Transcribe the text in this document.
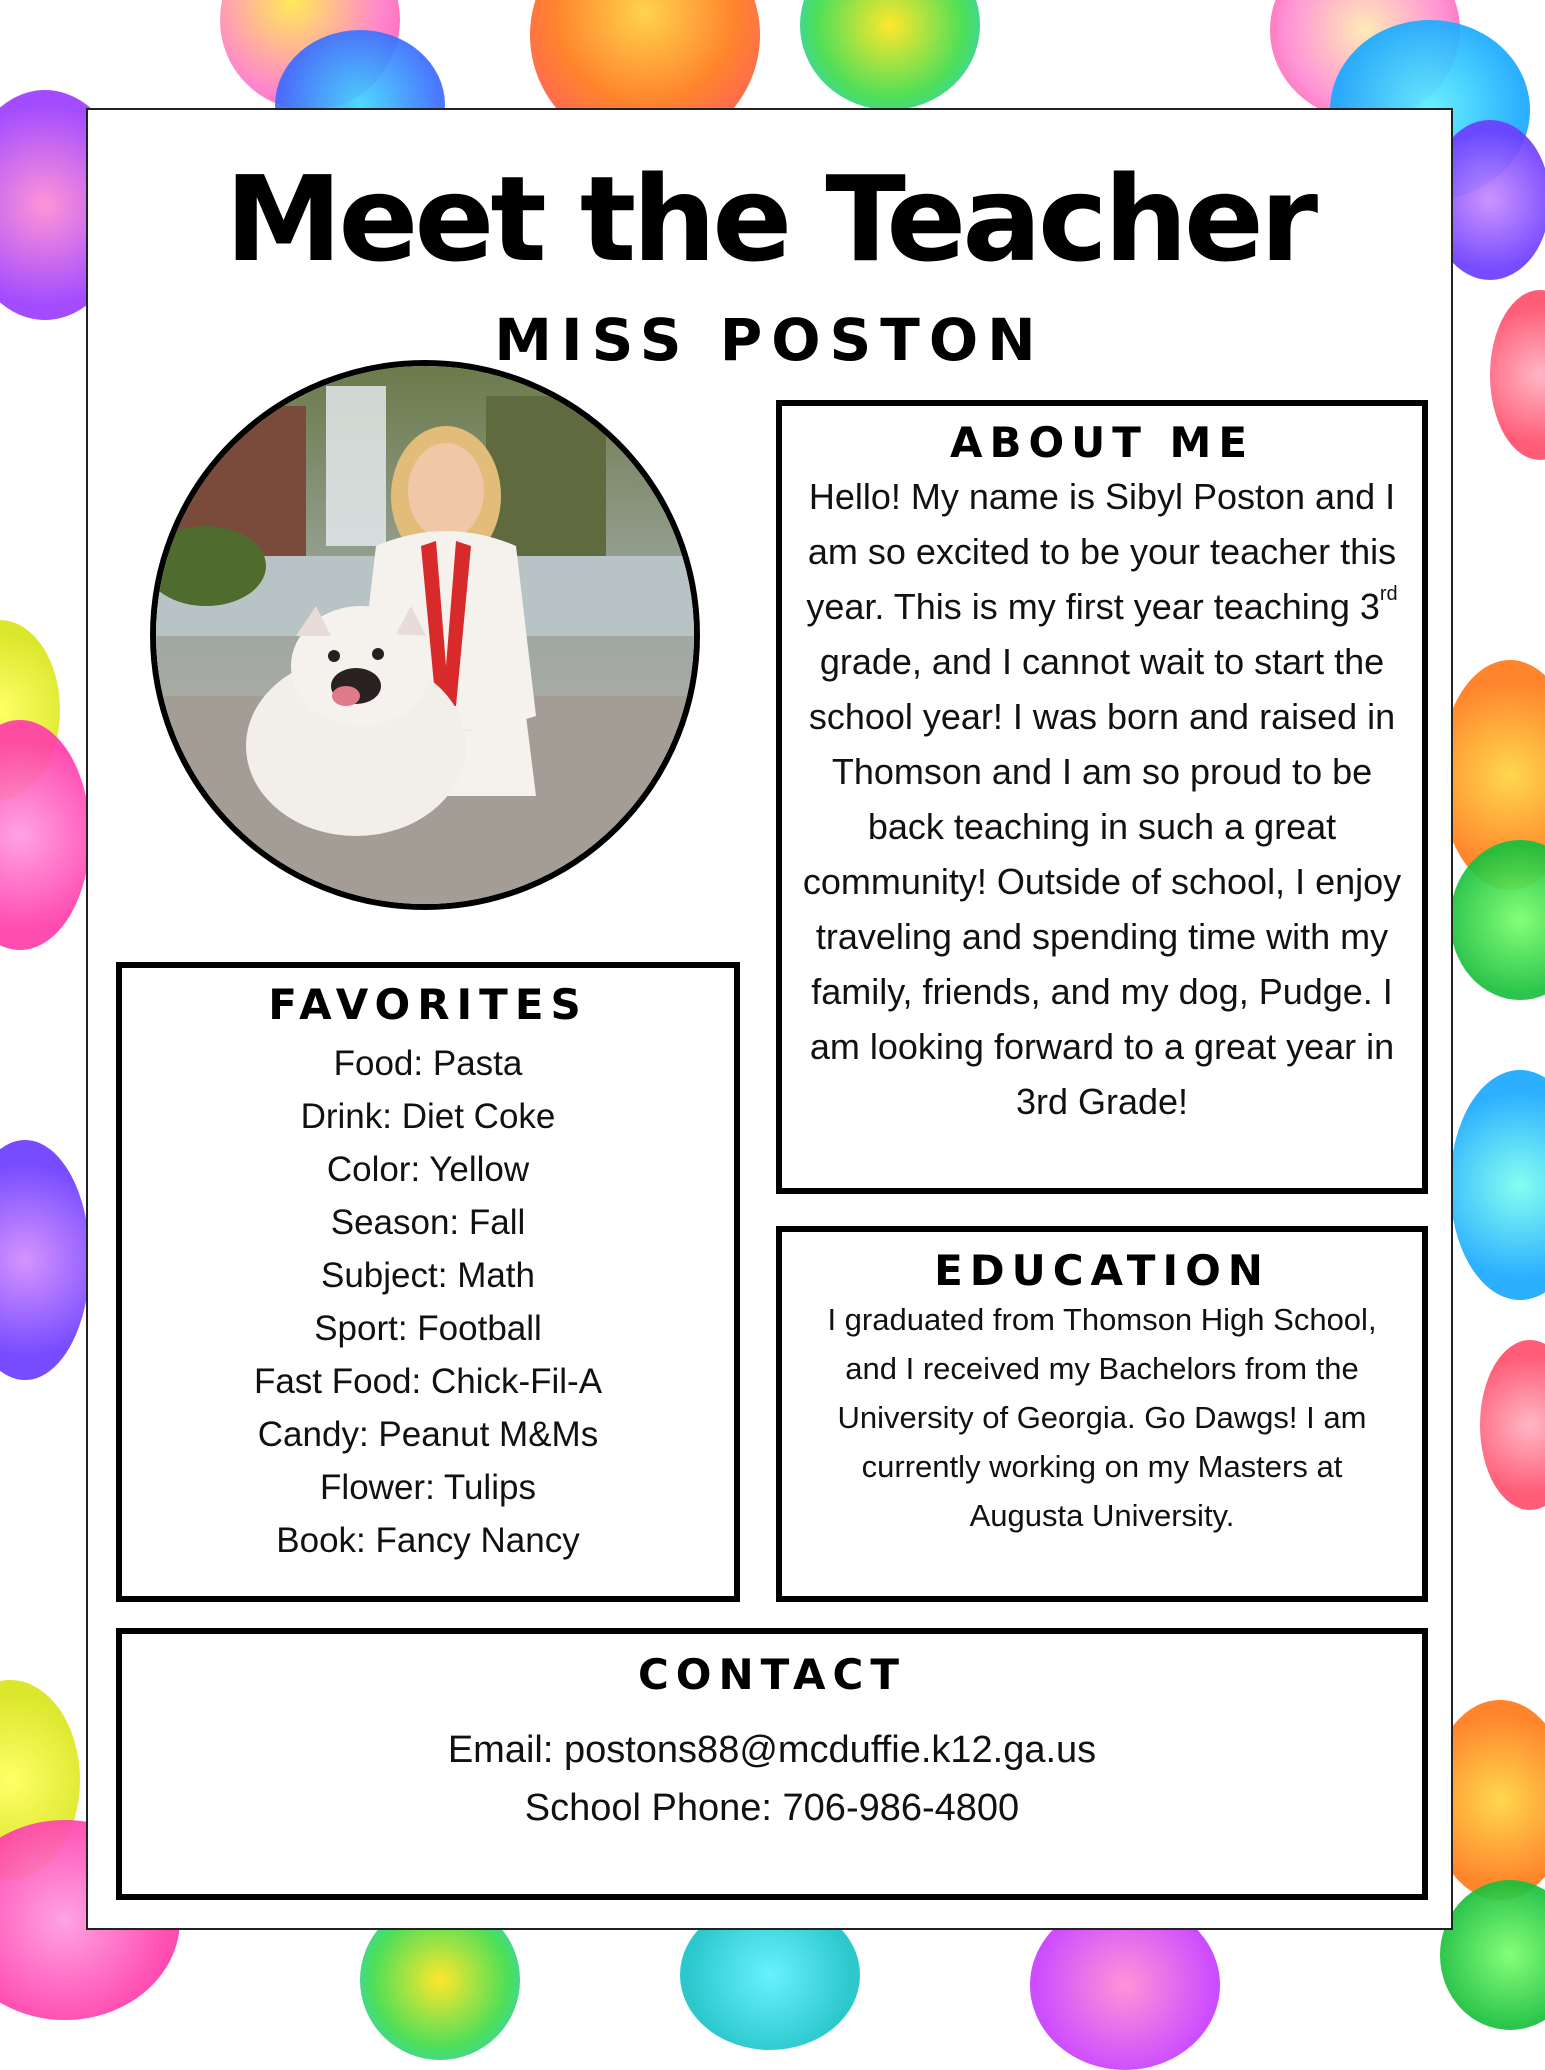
Meet the Teacher
MISS POSTON
ABOUT ME

Hello! My name is Sibyl Poston and I am so excited to be your teacher this year. This is my first year teaching 3rd grade, and I cannot wait to start the school year! I was born and raised in Thomson and I am so proud to be back teaching in such a great community! Outside of school, I enjoy traveling and spending time with my family, friends, and my dog, Pudge. I am looking forward to a great year in 3rd Grade!

FAVORITES
Food: Pasta
Drink: Diet Coke
Color: Yellow
Season: Fall
Subject: Math
Sport: Football
Fast Food: Chick-Fil-A
Candy: Peanut M&Ms
Flower: Tulips
Book: Fancy Nancy
EDUCATION

I graduated from Thomson High School, and I received my Bachelors from the University of Georgia. Go Dawgs! I am currently working on my Masters at Augusta University.

CONTACT
Email: postons88@mcduffie.k12.ga.us
School Phone: 706-986-4800
